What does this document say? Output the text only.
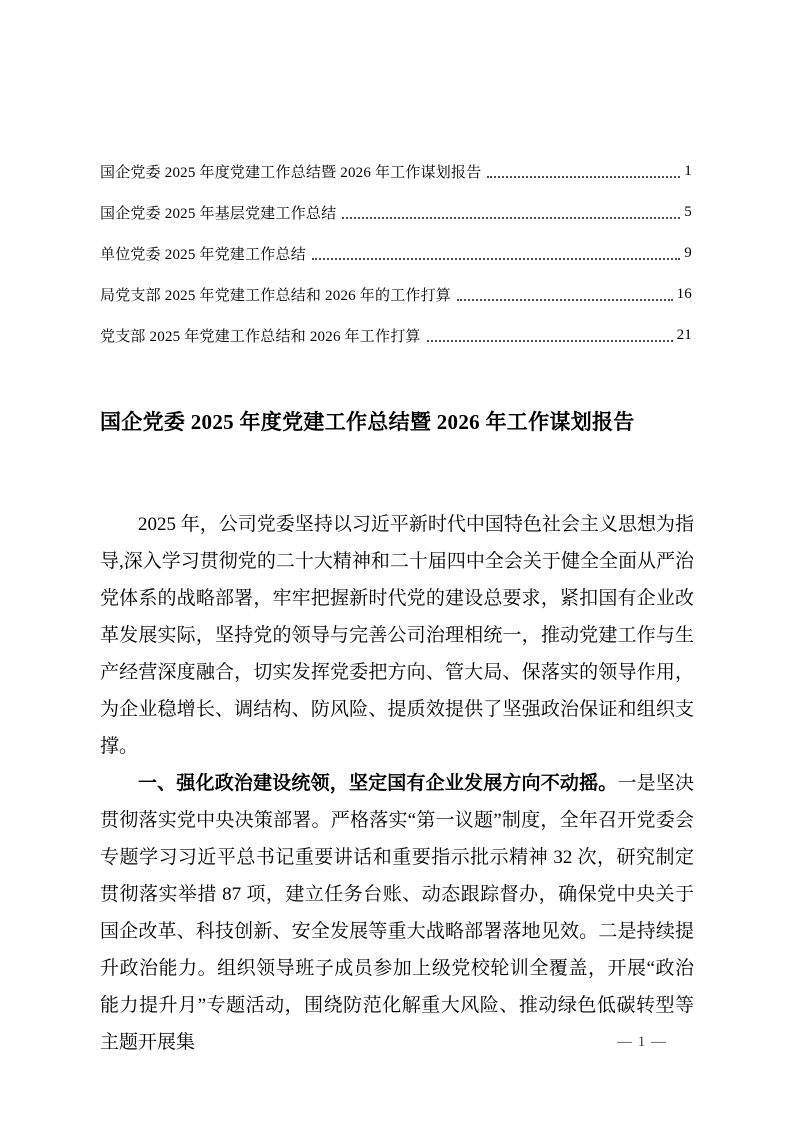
国企党委 2025 年度党建工作总结暨 2026 年工作谋划报告	1
国企党委 2025 年基层党建工作总结	5
单位党委 2025 年党建工作总结	9
局党支部 2025 年党建工作总结和 2026 年的工作打算	16
党支部 2025 年党建工作总结和 2026 年工作打算	21
国企党委 2025 年度党建工作总结暨 2026 年工作谋划报告

2025 年，公司党委坚持以习近平新时代中国特色社会主义思想为指导,深入学习贯彻党的二十大精神和二十届四中全会关于健全全面从严治党体系的战略部署，牢牢把握新时代党的建设总要求，紧扣国有企业改革发展实际，坚持党的领导与完善公司治理相统一，推动党建工作与生产经营深度融合，切实发挥党委把方向、管大局、保落实的领导作用，为企业稳增长、调结构、防风险、提质效提供了坚强政治保证和组织支撑。

一、强化政治建设统领，坚定国有企业发展方向不动摇。一是坚决贯彻落实党中央决策部署。严格落实“第一议题”制度，全年召开党委会专题学习习近平总书记重要讲话和重要指示批示精神 32 次，研究制定贯彻落实举措 87 项，建立任务台账、动态跟踪督办，确保党中央关于国企改革、科技创新、安全发展等重大战略部署落地见效。二是持续提升政治能力。组织领导班子成员参加上级党校轮训全覆盖，开展“政治能力提升月”专题活动，围绕防范化解重大风险、推动绿色低碳转型等主题开展集	— 1 —
